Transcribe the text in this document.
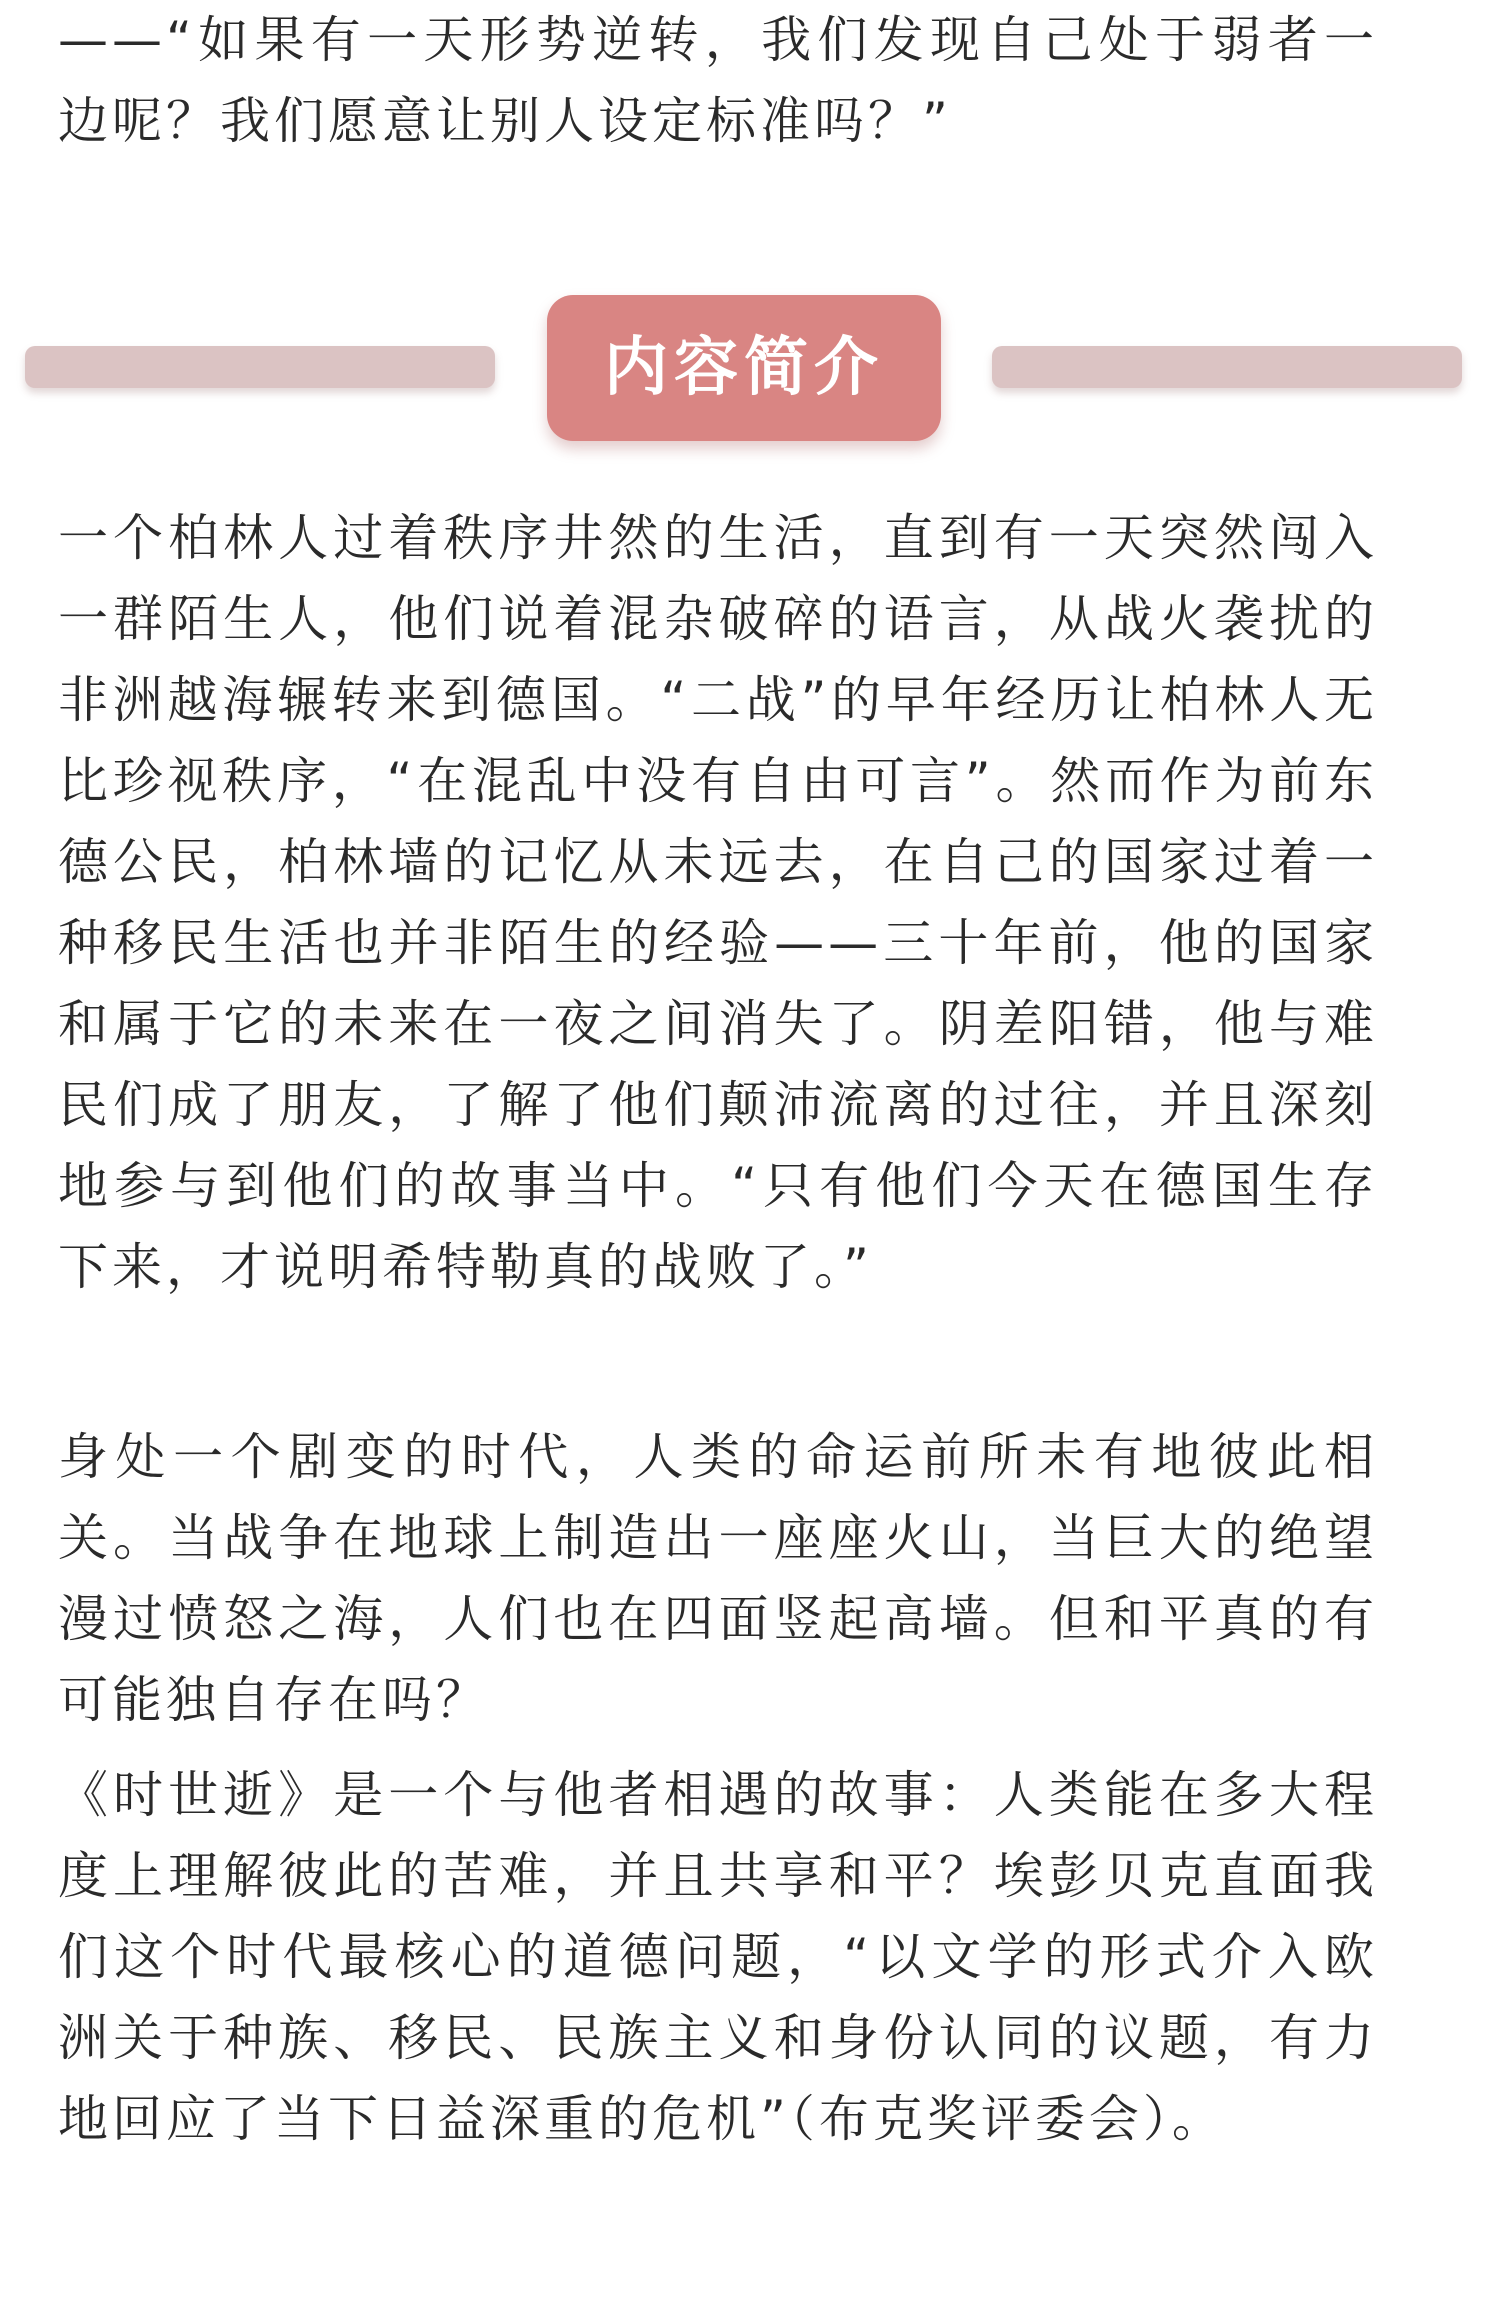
——“如果有一天形势逆转，我们发现自己处于弱者一边呢？我们愿意让别人设定标准吗？”

内容简介

一个柏林人过着秩序井然的生活，直到有一天突然闯入一群陌生人，他们说着混杂破碎的语言，从战火袭扰的非洲越海辗转来到德国。“二战”的早年经历让柏林人无比珍视秩序，“在混乱中没有自由可言”。然而作为前东德公民，柏林墙的记忆从未远去，在自己的国家过着一种移民生活也并非陌生的经验——三十年前，他的国家和属于它的未来在一夜之间消失了。阴差阳错，他与难民们成了朋友，了解了他们颠沛流离的过往，并且深刻地参与到他们的故事当中。“只有他们今天在德国生存下来，才说明希特勒真的战败了。”

身处一个剧变的时代，人类的命运前所未有地彼此相关。当战争在地球上制造出一座座火山，当巨大的绝望漫过愤怒之海，人们也在四面竖起高墙。但和平真的有可能独自存在吗？

《时世逝》是一个与他者相遇的故事：人类能在多大程度上理解彼此的苦难，并且共享和平？埃彭贝克直面我们这个时代最核心的道德问题，“以文学的形式介入欧洲关于种族、移民、民族主义和身份认同的议题，有力地回应了当下日益深重的危机”（布克奖评委会）。
